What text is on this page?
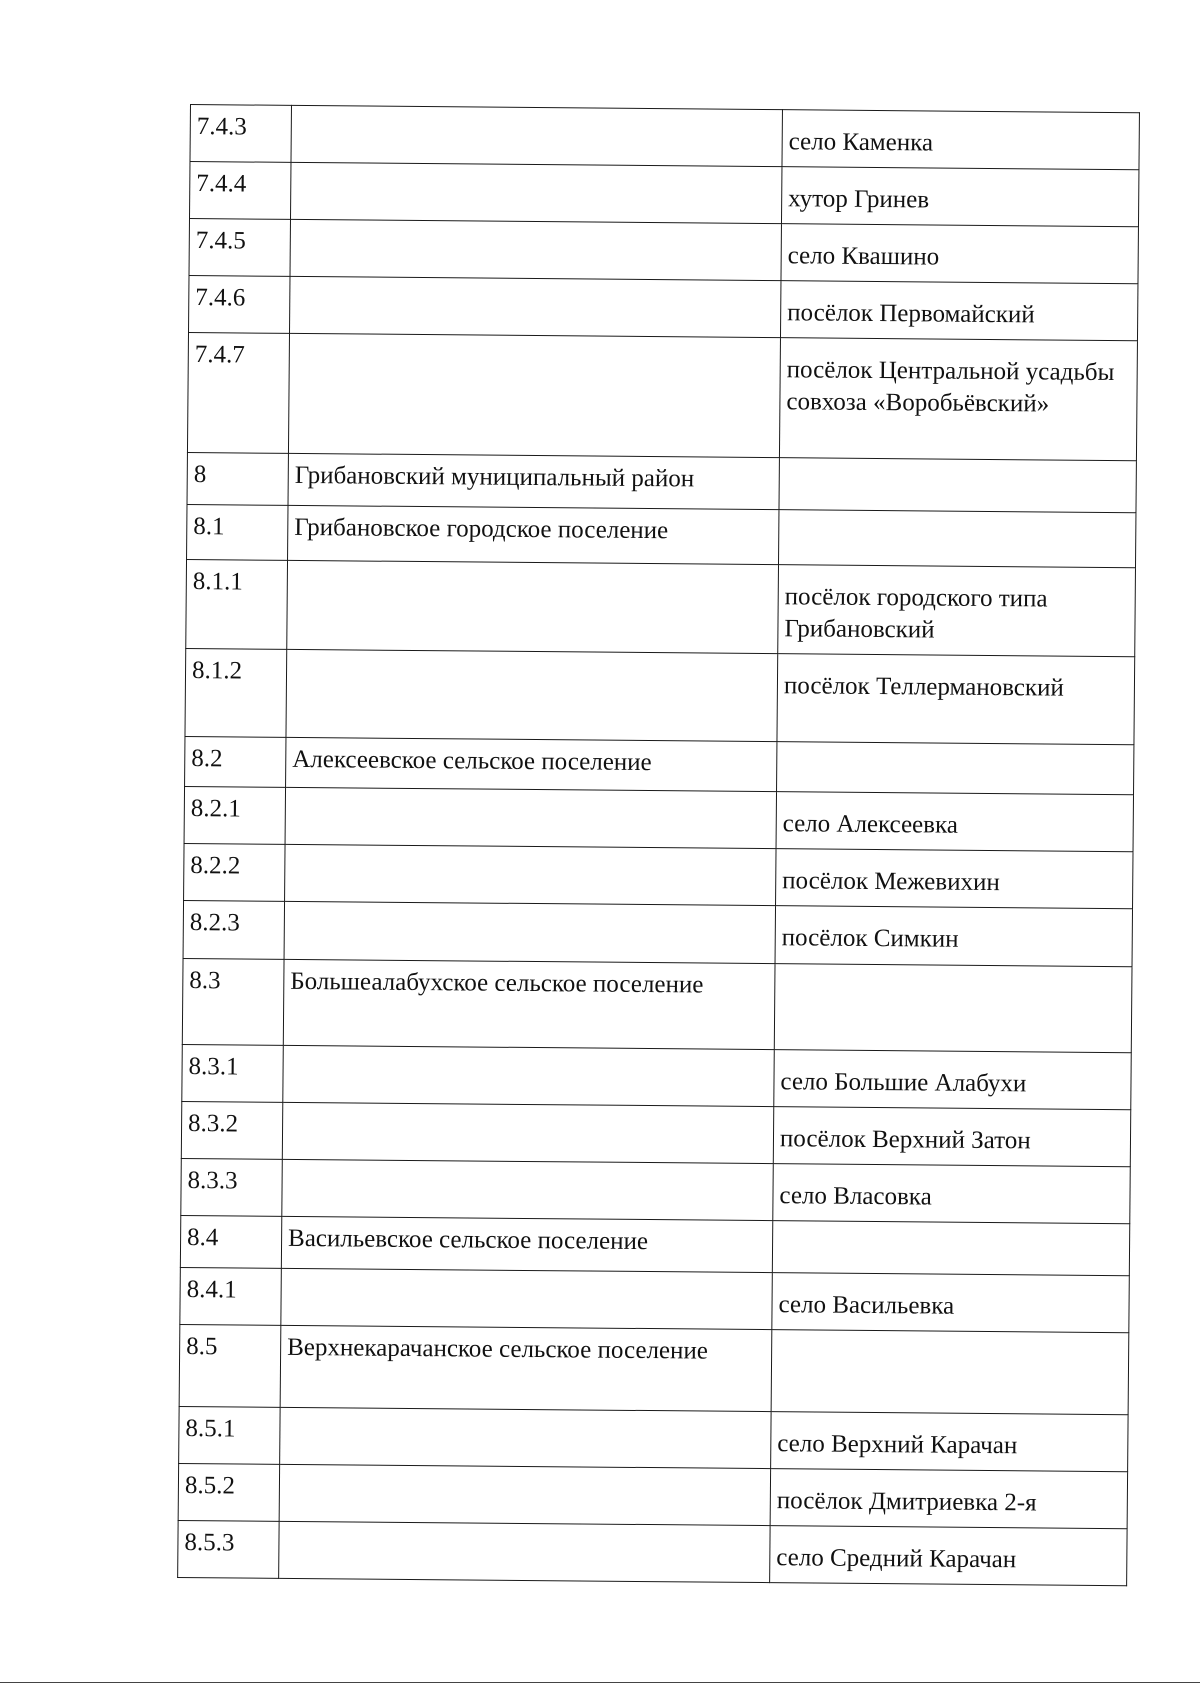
7.4.3		село Каменка
7.4.4		хутор Гринев
7.4.5		село Квашино
7.4.6		посёлок Первомайский
7.4.7		посёлок Центральной усадьбы совхоза «Воробьёвский»
8	Грибановский муниципальный район	
8.1	Грибановское городское поселение	
8.1.1		посёлок городского типа Грибановский
8.1.2		посёлок Теллермановский
8.2	Алексеевское сельское поселение	
8.2.1		село Алексеевка
8.2.2		посёлок Межевихин
8.2.3		посёлок Симкин
8.3	Большеалабухское сельское поселение	
8.3.1		село Большие Алабухи
8.3.2		посёлок Верхний Затон
8.3.3		село Власовка
8.4	Васильевское сельское поселение	
8.4.1		село Васильевка
8.5	Верхнекарачанское сельское поселение	
8.5.1		село Верхний Карачан
8.5.2		посёлок Дмитриевка 2-я
8.5.3		село Средний Карачан
